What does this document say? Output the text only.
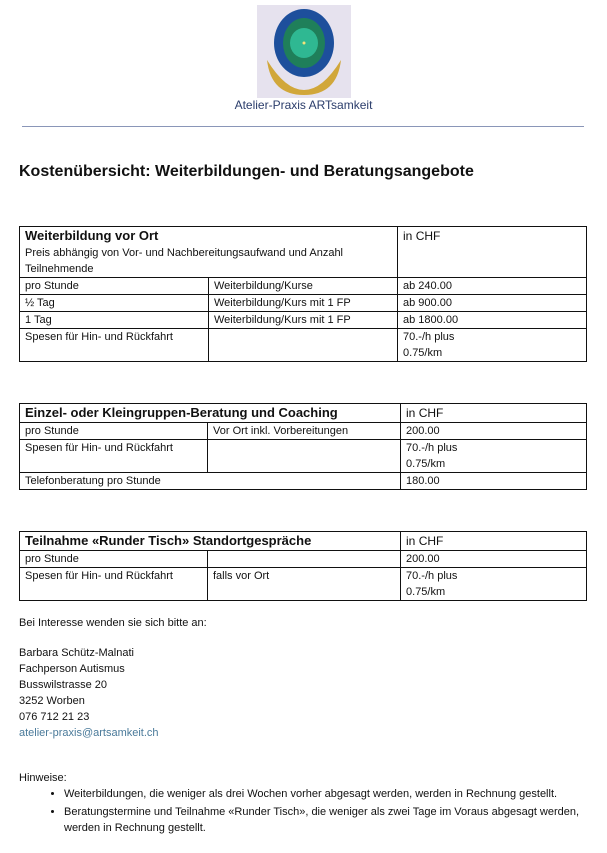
Atelier-Praxis ARTsamkeit
Kostenübersicht: Weiterbildungen- und Beratungsangebote
Weiterbildung vor Ort
Preis abhängig von Vor- und Nachbereitungsaufwand und Anzahl Teilnehmende		in CHF
pro Stunde	Weiterbildung/Kurse	ab 240.00
½ Tag	Weiterbildung/Kurs mit 1 FP	ab 900.00
1 Tag	Weiterbildung/Kurs mit 1 FP	ab 1800.00
Spesen für Hin- und Rückfahrt		70.-/h plus 0.75/km
Einzel- oder Kleingruppen-Beratung und Coaching		in CHF
pro Stunde	Vor Ort inkl. Vorbereitungen	200.00
Spesen für Hin- und Rückfahrt		70.-/h plus 0.75/km
Telefonberatung pro Stunde		180.00
Teilnahme «Runder Tisch» Standortgespräche		in CHF
pro Stunde		200.00
Spesen für Hin- und Rückfahrt	falls vor Ort	70.-/h plus 0.75/km

Bei Interesse wenden sie sich bitte an:

Barbara Schütz-Malnati
Fachperson Autismus
Busswilstrasse 20
3252 Worben
076 712 21 23
atelier-praxis@artsamkeit.ch

Hinweise:

• Weiterbildungen, die weniger als drei Wochen vorher abgesagt werden, werden in Rechnung gestellt.
• Beratungstermine und Teilnahme «Runder Tisch», die weniger als zwei Tage im Voraus abgesagt werden, werden in Rechnung gestellt.
